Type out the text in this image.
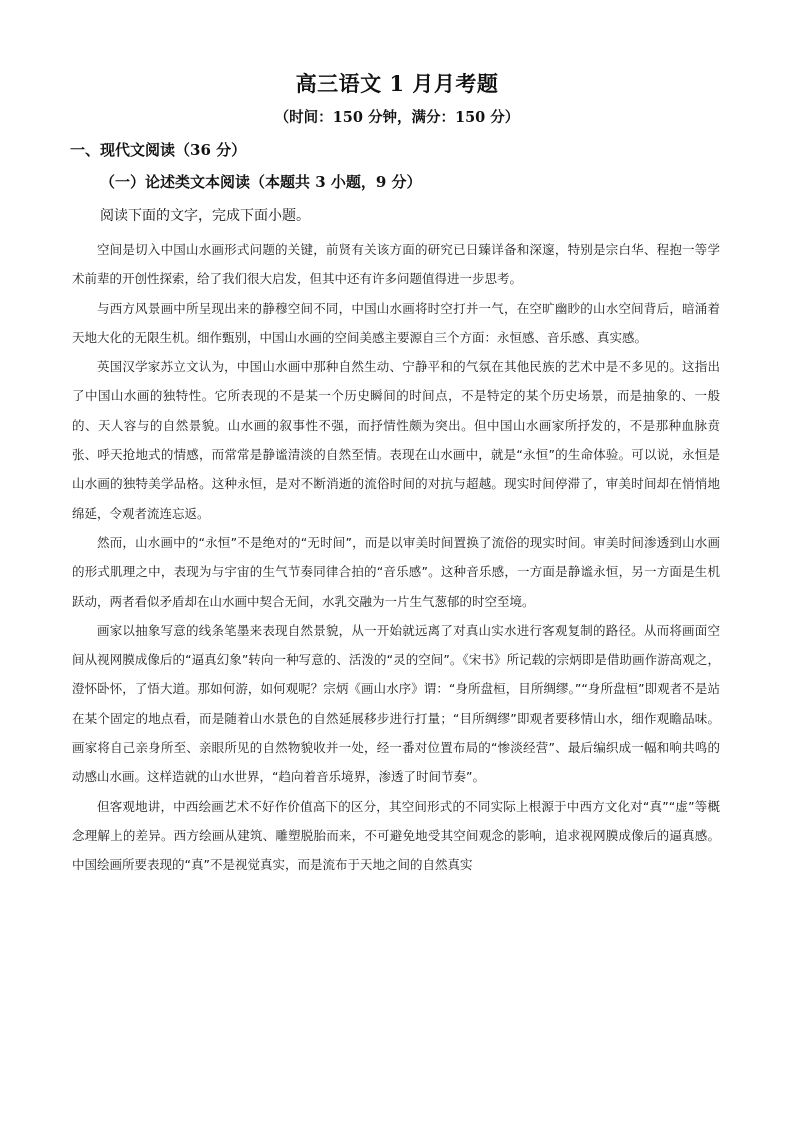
高三语文 1 月月考题
（时间：150 分钟，满分：150 分）
一、现代文阅读（36 分）
（一）论述类文本阅读（本题共 3 小题，9 分）
阅读下面的文字，完成下面小题。

空间是切入中国山水画形式问题的关键，前贤有关该方面的研究已日臻详备和深邃，特别是宗白华、程抱一等学术前辈的开创性探索，给了我们很大启发，但其中还有许多问题值得进一步思考。

与西方风景画中所呈现出来的静穆空间不同，中国山水画将时空打并一气，在空旷幽眇的山水空间背后，暗涌着天地大化的无限生机。细作甄别，中国山水画的空间美感主要源自三个方面：永恒感、音乐感、真实感。

英国汉学家苏立文认为，中国山水画中那种自然生动、宁静平和的气氛在其他民族的艺术中是不多见的。这指出了中国山水画的独特性。它所表现的不是某一个历史瞬间的时间点，不是特定的某个历史场景，而是抽象的、一般的、天人容与的自然景貌。山水画的叙事性不强，而抒情性颇为突出。但中国山水画家所抒发的，不是那种血脉贲张、呼天抢地式的情感，而常常是静谧清淡的自然至情。表现在山水画中，就是“永恒”的生命体验。可以说，永恒是山水画的独特美学品格。这种永恒，是对不断消逝的流俗时间的对抗与超越。现实时间停滞了，审美时间却在悄悄地绵延，令观者流连忘返。

然而，山水画中的“永恒”不是绝对的“无时间”，而是以审美时间置换了流俗的现实时间。审美时间渗透到山水画的形式肌理之中，表现为与宇宙的生气节奏同律合拍的“音乐感”。这种音乐感，一方面是静谧永恒，另一方面是生机跃动，两者看似矛盾却在山水画中契合无间，水乳交融为一片生气葱郁的时空至境。

画家以抽象写意的线条笔墨来表现自然景貌，从一开始就远离了对真山实水进行客观复制的路径。从而将画面空间从视网膜成像后的“逼真幻象”转向一种写意的、活泼的“灵的空间”。《宋书》所记载的宗炳即是借助画作游高观之，澄怀卧怀，了悟大道。那如何游，如何观呢？宗炳《画山水序》谓：“身所盘桓，目所绸缪。”“身所盘桓”即观者不是站在某个固定的地点看，而是随着山水景色的自然延展移步进行打量；“目所绸缪”即观者要移情山水，细作观瞻品味。画家将自己亲身所至、亲眼所见的自然物貌收并一处，经一番对位置布局的“惨淡经营”、最后编织成一幅和响共鸣的动感山水画。这样造就的山水世界，“趋向着音乐境界，渗透了时间节奏”。

但客观地讲，中西绘画艺术不好作价值高下的区分，其空间形式的不同实际上根源于中西方文化对“真”“虚”等概念理解上的差异。西方绘画从建筑、雕塑脱胎而来，不可避免地受其空间观念的影响，追求视网膜成像后的逼真感。中国绘画所要表现的“真”不是视觉真实，而是流布于天地之间的自然真实
